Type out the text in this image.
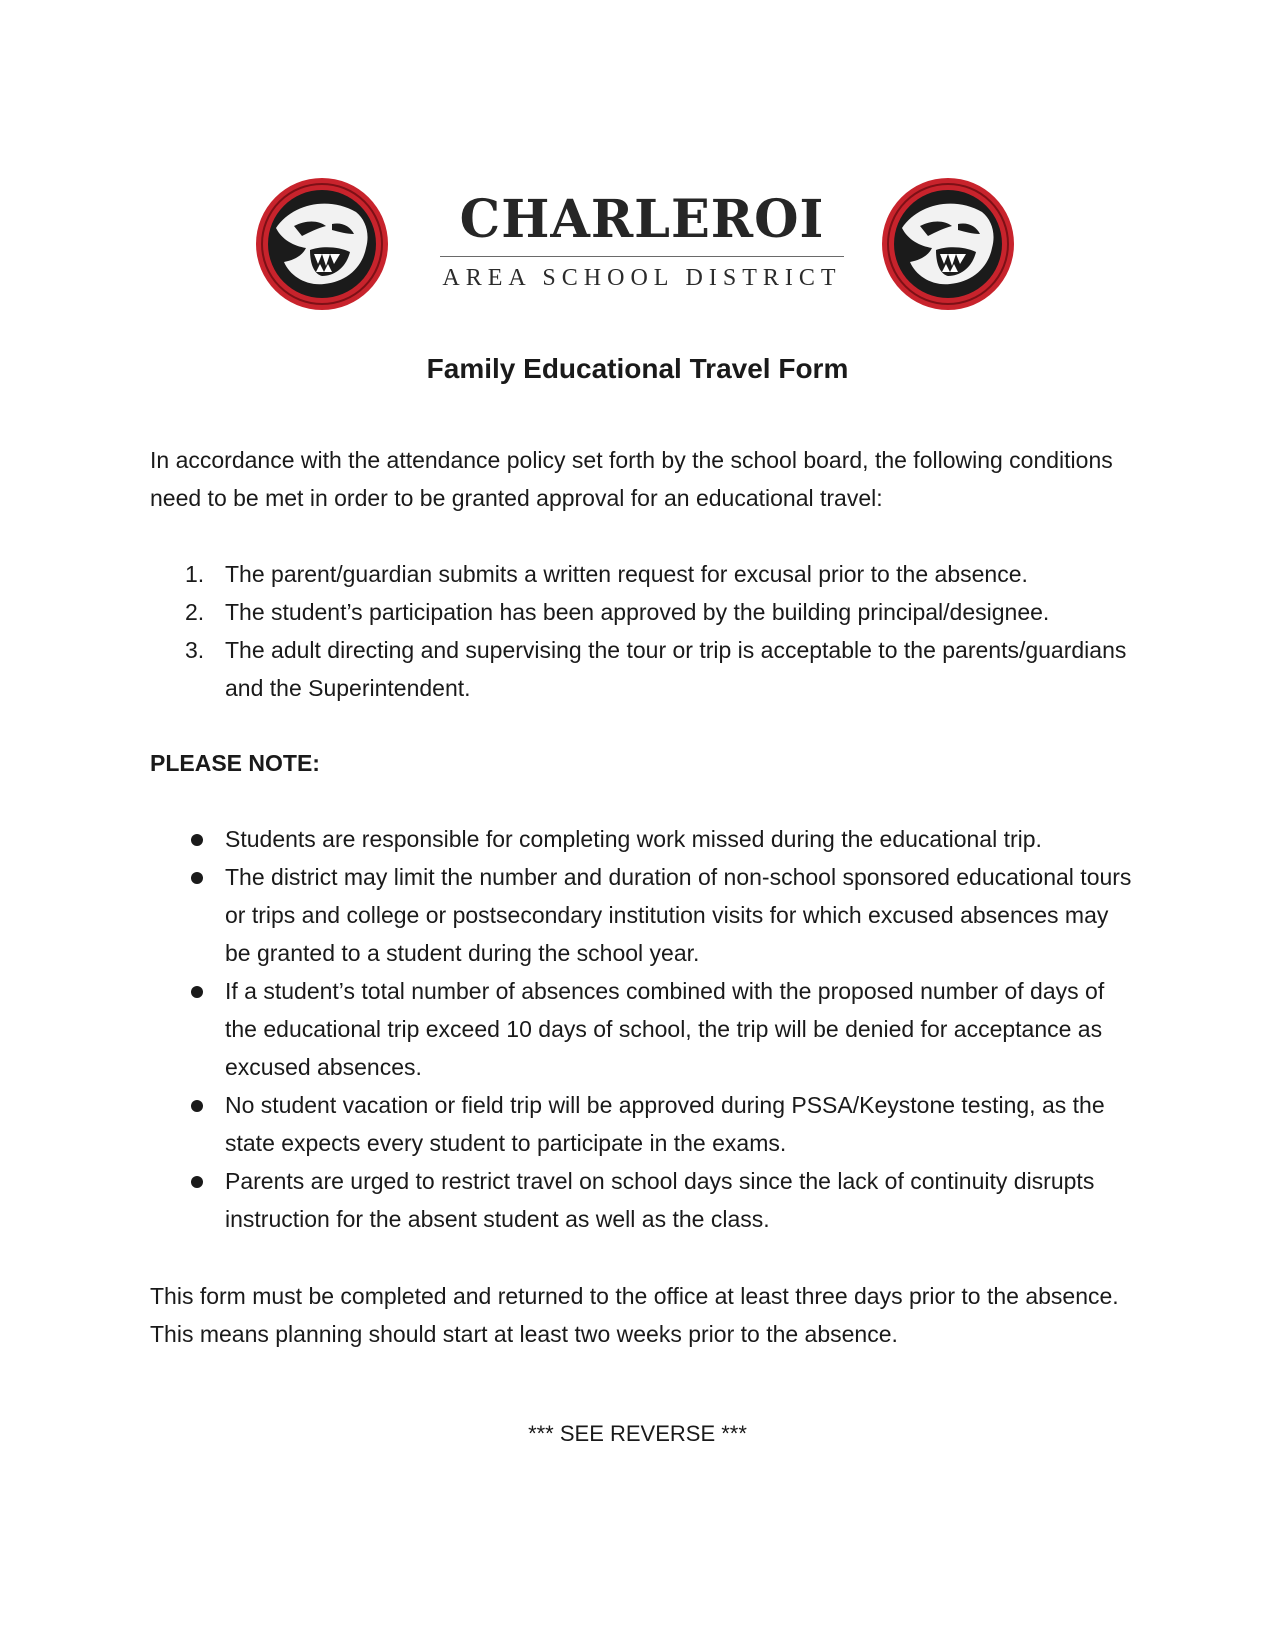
CHARLEROI
AREA SCHOOL DISTRICT
Family Educational Travel Form
In accordance with the attendance policy set forth by the school board, the following conditions need to be met in order to be granted approval for an educational travel:
1. The parent/guardian submits a written request for excusal prior to the absence.
2. The student’s participation has been approved by the building principal/designee.
3. The adult directing and supervising the tour or trip is acceptable to the parents/guardians and the Superintendent.
PLEASE NOTE:
Students are responsible for completing work missed during the educational trip.
The district may limit the number and duration of non-school sponsored educational tours or trips and college or postsecondary institution visits for which excused absences may be granted to a student during the school year.
If a student’s total number of absences combined with the proposed number of days of the educational trip exceed 10 days of school, the trip will be denied for acceptance as excused absences.
No student vacation or field trip will be approved during PSSA/Keystone testing, as the state expects every student to participate in the exams.
Parents are urged to restrict travel on school days since the lack of continuity disrupts instruction for the absent student as well as the class.
This form must be completed and returned to the office at least three days prior to the absence. This means planning should start at least two weeks prior to the absence.
*** SEE REVERSE ***
